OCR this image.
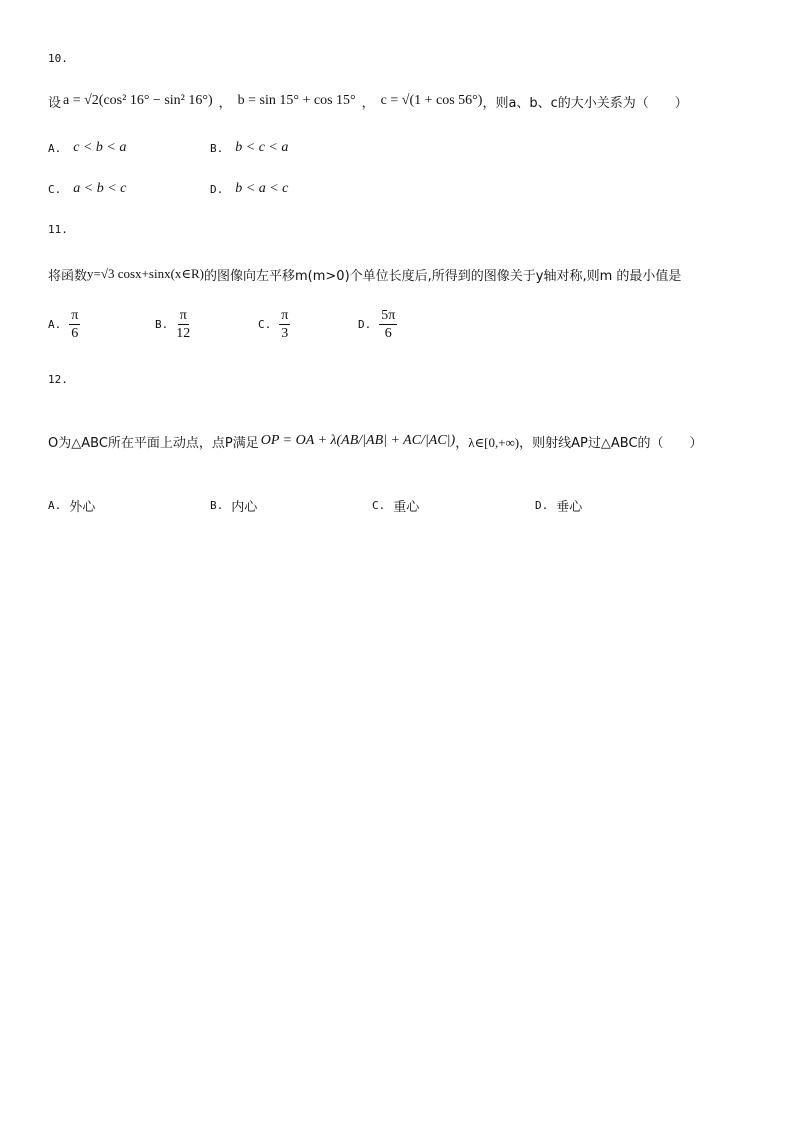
10.
设 a = √2(cos² 16° − sin² 16°) ， b = sin 15° + cos 15° ， c = √(1 + cos 56°) ，则a、b、c的大小关系为（　　）
A. c < b < a	B. b < c < a
C. a < b < c	D. b < a < c
11.
将函数 y=√3 cosx+sinx(x∈R) 的图像向左平移m(m>0)个单位长度后,所得到的图像关于y轴对称,则m 的最小值是
A. $\frac{\pi}{6}$	B. $\frac{\pi}{12}$	C. $\frac{\pi}{3}$	D. $\frac{5\pi}{6}$
12.
O为△ABC所在平面上动点，点P满足 OP = OA + λ(AB/|AB| + AC/|AC|) ，λ∈[0,+∞) ，则射线AP过△ABC的（　　）
A. 外心	B. 内心	C. 重心	D. 垂心
